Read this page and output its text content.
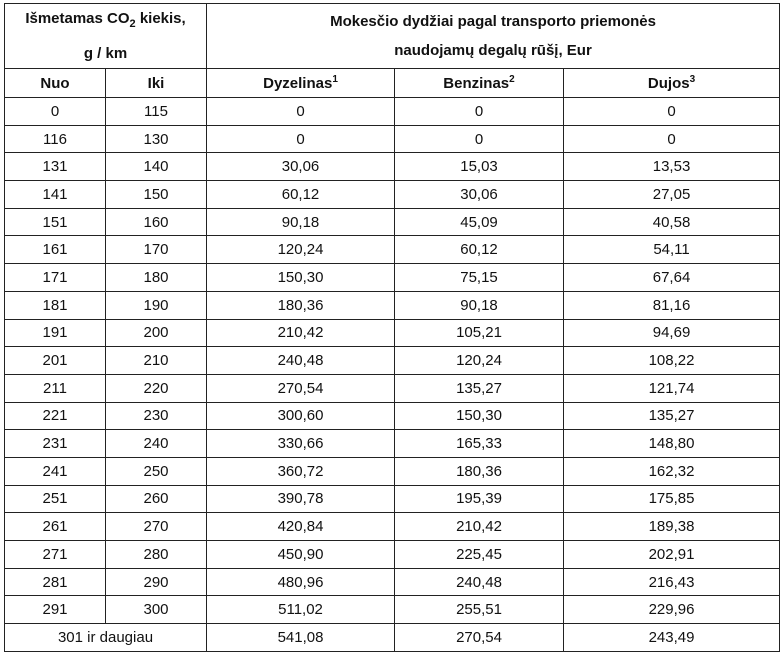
Išmetamas $CO_2$ kiekis,
g / km		Mokesčio dydžiai pagal transporto priemonės
naudojamų degalų rūšį, Eur		
Nuo	Iki	Dyzelinas$^1$	Benzinas$^2$	Dujos$^3$
0	115	0	0	0
116	130	0	0	0
131	140	30,06	15,03	13,53
141	150	60,12	30,06	27,05
151	160	90,18	45,09	40,58
161	170	120,24	60,12	54,11
171	180	150,30	75,15	67,64
181	190	180,36	90,18	81,16
191	200	210,42	105,21	94,69
201	210	240,48	120,24	108,22
211	220	270,54	135,27	121,74
221	230	300,60	150,30	135,27
231	240	330,66	165,33	148,80
241	250	360,72	180,36	162,32
251	260	390,78	195,39	175,85
261	270	420,84	210,42	189,38
271	280	450,90	225,45	202,91
281	290	480,96	240,48	216,43
291	300	511,02	255,51	229,96
301 ir daugiau		541,08	270,54	243,49
